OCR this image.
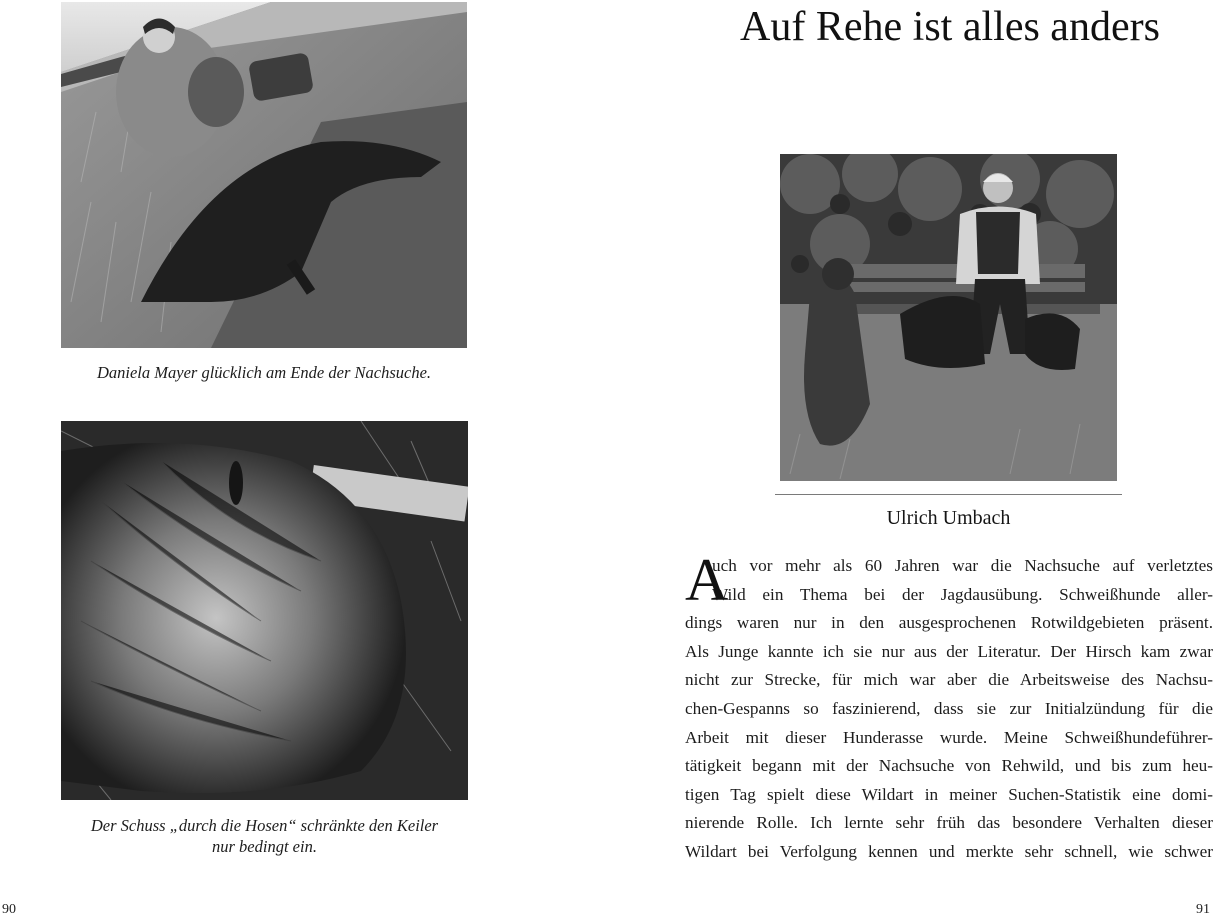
Daniela Mayer glücklich am Ende der Nachsuche.
Der Schuss „durch die Hosen“ schränkte den Keiler
nur bedingt ein.
90
Auf Rehe ist alles anders
Ulrich Umbach
A
uch vor mehr als 60 Jahren war die Nachsuche auf verletztes
Wild ein Thema bei der Jagdausübung. Schweißhunde aller-
dings waren nur in den ausgesprochenen Rotwildgebieten präsent.
Als Junge kannte ich sie nur aus der Literatur. Der Hirsch kam zwar
nicht zur Strecke, für mich war aber die Arbeitsweise des Nachsu-
chen-Gespanns so faszinierend, dass sie zur Initialzündung für die
Arbeit mit dieser Hunderasse wurde. Meine Schweißhundeführer-
tätigkeit begann mit der Nachsuche von Rehwild, und bis zum heu-
tigen Tag spielt diese Wildart in meiner Suchen-Statistik eine domi-
nierende Rolle. Ich lernte sehr früh das besondere Verhalten dieser
Wildart bei Verfolgung kennen und merkte sehr schnell, wie schwer
91
